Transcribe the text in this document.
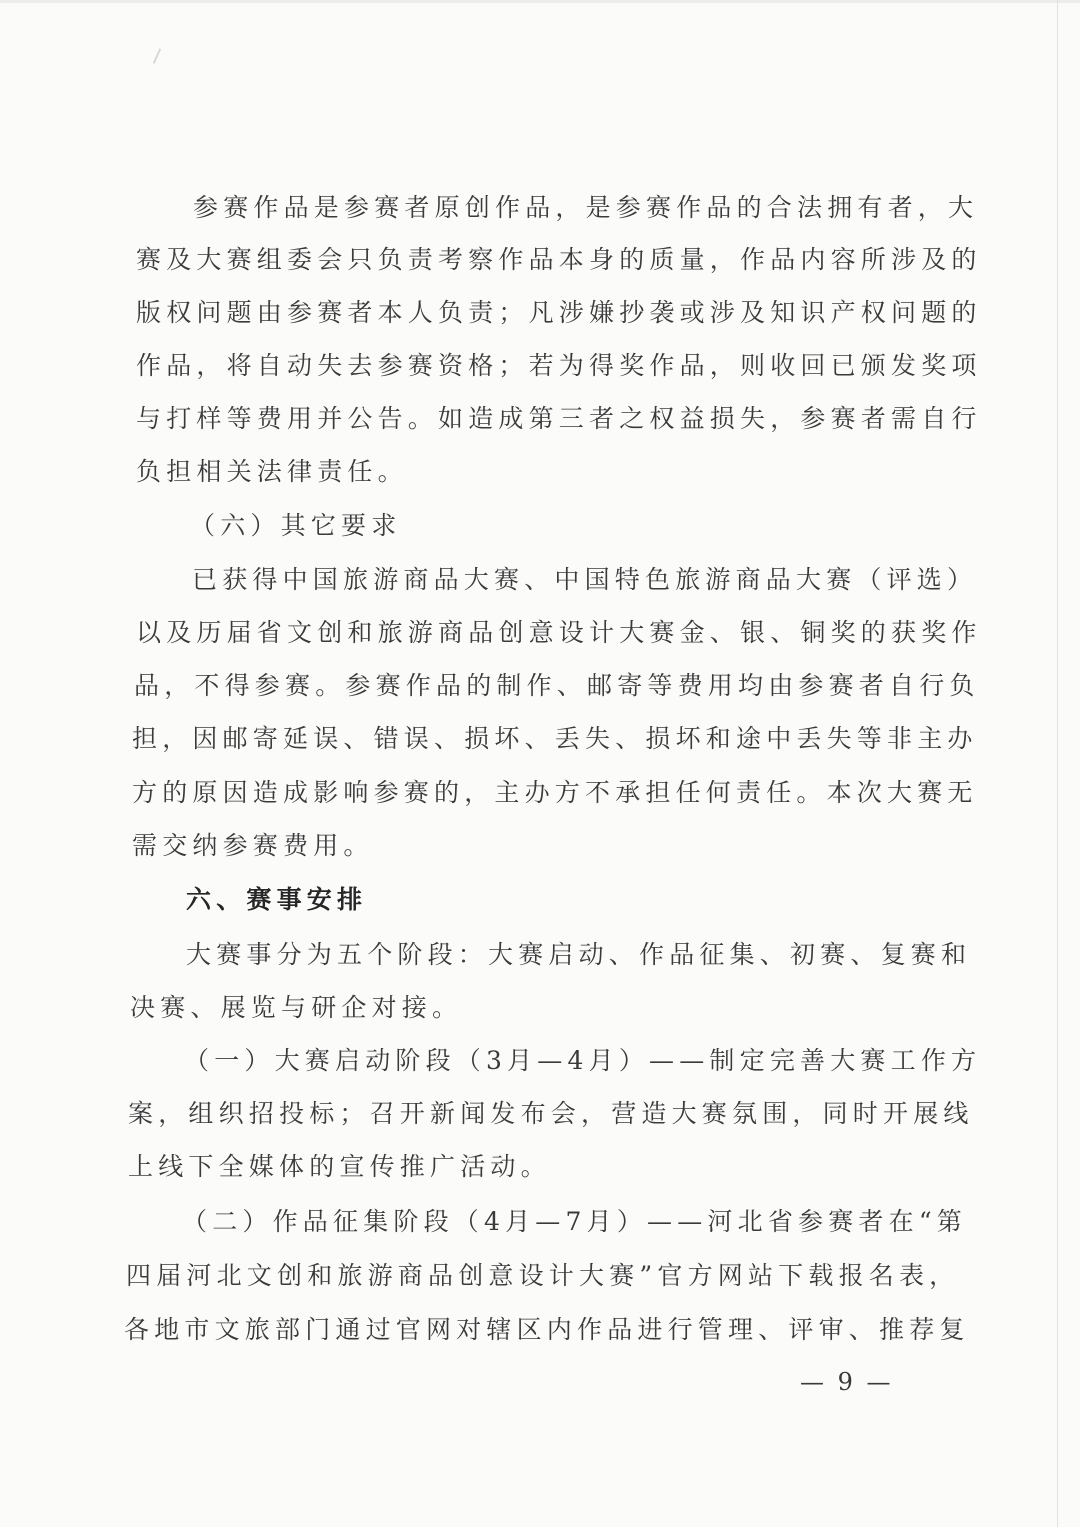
参赛作品是参赛者原创作品，是参赛作品的合法拥有者，大
赛及大赛组委会只负责考察作品本身的质量，作品内容所涉及的
版权问题由参赛者本人负责；凡涉嫌抄袭或涉及知识产权问题的
作品，将自动失去参赛资格；若为得奖作品，则收回已颁发奖项
与打样等费用并公告。如造成第三者之权益损失，参赛者需自行
负担相关法律责任。
（六）其它要求
已获得中国旅游商品大赛、中国特色旅游商品大赛（评选）
以及历届省文创和旅游商品创意设计大赛金、银、铜奖的获奖作
品，不得参赛。参赛作品的制作、邮寄等费用均由参赛者自行负
担，因邮寄延误、错误、损坏、丢失、损坏和途中丢失等非主办
方的原因造成影响参赛的，主办方不承担任何责任。本次大赛无
需交纳参赛费用。
六、赛事安排
大赛事分为五个阶段：大赛启动、作品征集、初赛、复赛和
决赛、展览与研企对接。
（一）大赛启动阶段（3月—4月）——制定完善大赛工作方
案，组织招投标；召开新闻发布会，营造大赛氛围，同时开展线
上线下全媒体的宣传推广活动。
（二）作品征集阶段（4月—7月）——河北省参赛者在“第
四届河北文创和旅游商品创意设计大赛”官方网站下载报名表，
各地市文旅部门通过官网对辖区内作品进行管理、评审、推荐复
— 9 —
